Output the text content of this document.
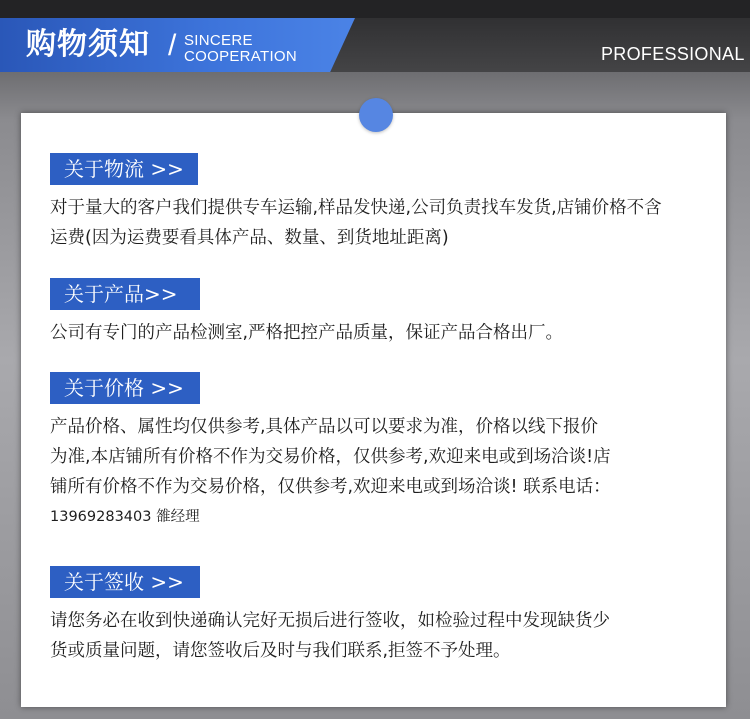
购物须知 / SINCERE
COOPERATION	PROFESSIONAL
关于物流 >>

对于量大的客户我们提供专车运输,样品发快递,公司负责找车发货,店铺价格不含

运费(因为运费要看具体产品、数量、到货地址距离)

关于产品>>

公司有专门的产品检测室,严格把控产品质量，保证产品合格出厂。

关于价格 >>

产品价格、属性均仅供参考,具体产品以可以要求为准，价格以线下报价

为准,本店铺所有价格不作为交易价格，仅供参考,欢迎来电或到场洽谈!店

铺所有价格不作为交易价格，仅供参考,欢迎来电或到场洽谈! 联系电话：

13969283403 雒经理

关于签收 >>

请您务必在收到快递确认完好无损后进行签收，如检验过程中发现缺货少

货或质量问题，请您签收后及时与我们联系,拒签不予处理。
